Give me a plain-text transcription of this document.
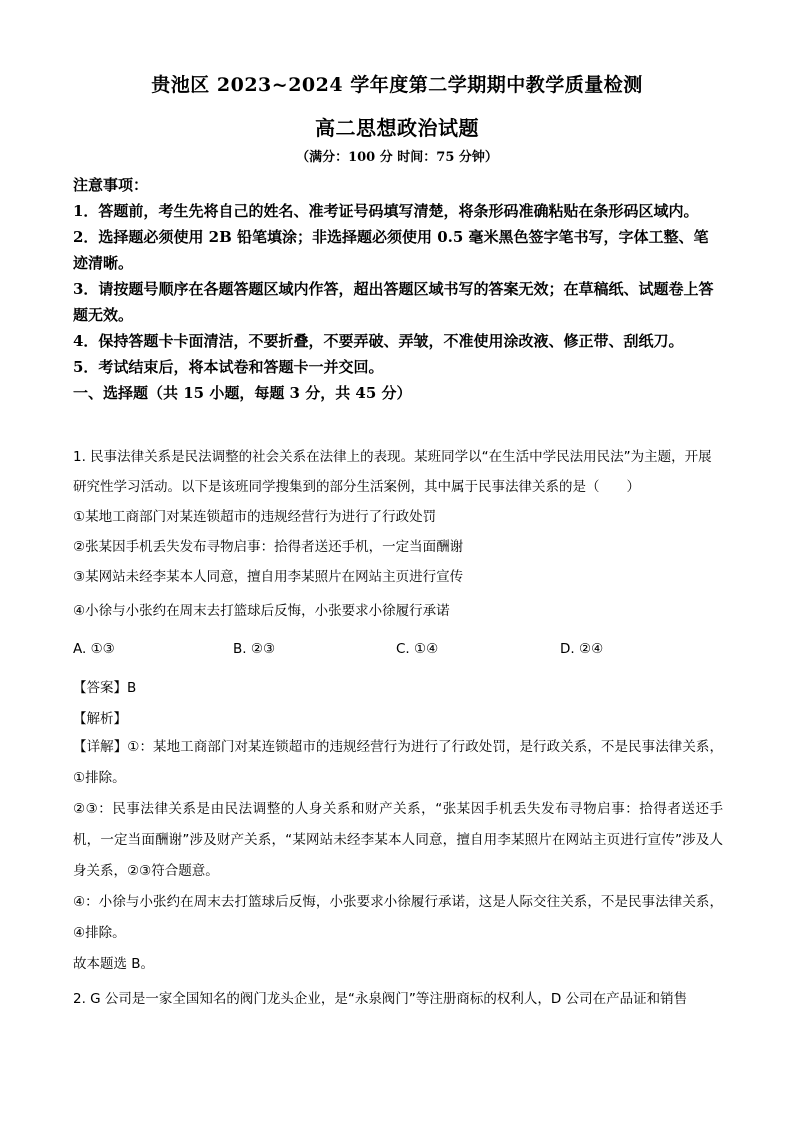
贵池区 2023~2024 学年度第二学期期中教学质量检测
高二思想政治试题
（满分：100 分 时间：75 分钟）

注意事项：

1．答题前，考生先将自己的姓名、准考证号码填写清楚，将条形码准确粘贴在条形码区域内。

2．选择题必须使用 2B 铅笔填涂；非选择题必须使用 0.5 毫米黑色签字笔书写，字体工整、笔迹清晰。

3．请按题号顺序在各题答题区域内作答，超出答题区域书写的答案无效；在草稿纸、试题卷上答题无效。

4．保持答题卡卡面清洁，不要折叠，不要弄破、弄皱，不准使用涂改液、修正带、刮纸刀。

5．考试结束后，将本试卷和答题卡一并交回。

一、选择题（共 15 小题，每题 3 分，共 45 分）

1. 民事法律关系是民法调整的社会关系在法律上的表现。某班同学以“在生活中学民法用民法”为主题，开展研究性学习活动。以下是该班同学搜集到的部分生活案例，其中属于民事法律关系的是（　　）

①某地工商部门对某连锁超市的违规经营行为进行了行政处罚

②张某因手机丢失发布寻物启事：拾得者送还手机，一定当面酬谢

③某网站未经李某本人同意，擅自用李某照片在网站主页进行宣传

④小徐与小张约在周末去打篮球后反悔，小张要求小徐履行承诺

A. ①③	B. ②③	C. ①④	D. ②④
【答案】B
【解析】

【详解】①：某地工商部门对某连锁超市的违规经营行为进行了行政处罚，是行政关系，不是民事法律关系，①排除。

②③：民事法律关系是由民法调整的人身关系和财产关系，“张某因手机丢失发布寻物启事：拾得者送还手机，一定当面酬谢”涉及财产关系，“某网站未经李某本人同意，擅自用李某照片在网站主页进行宣传”涉及人身关系，②③符合题意。

④：小徐与小张约在周末去打篮球后反悔，小张要求小徐履行承诺，这是人际交往关系，不是民事法律关系，④排除。

故本题选 B。

2. G 公司是一家全国知名的阀门龙头企业，是“永泉阀门”等注册商标的权利人，D 公司在产品证和销售
